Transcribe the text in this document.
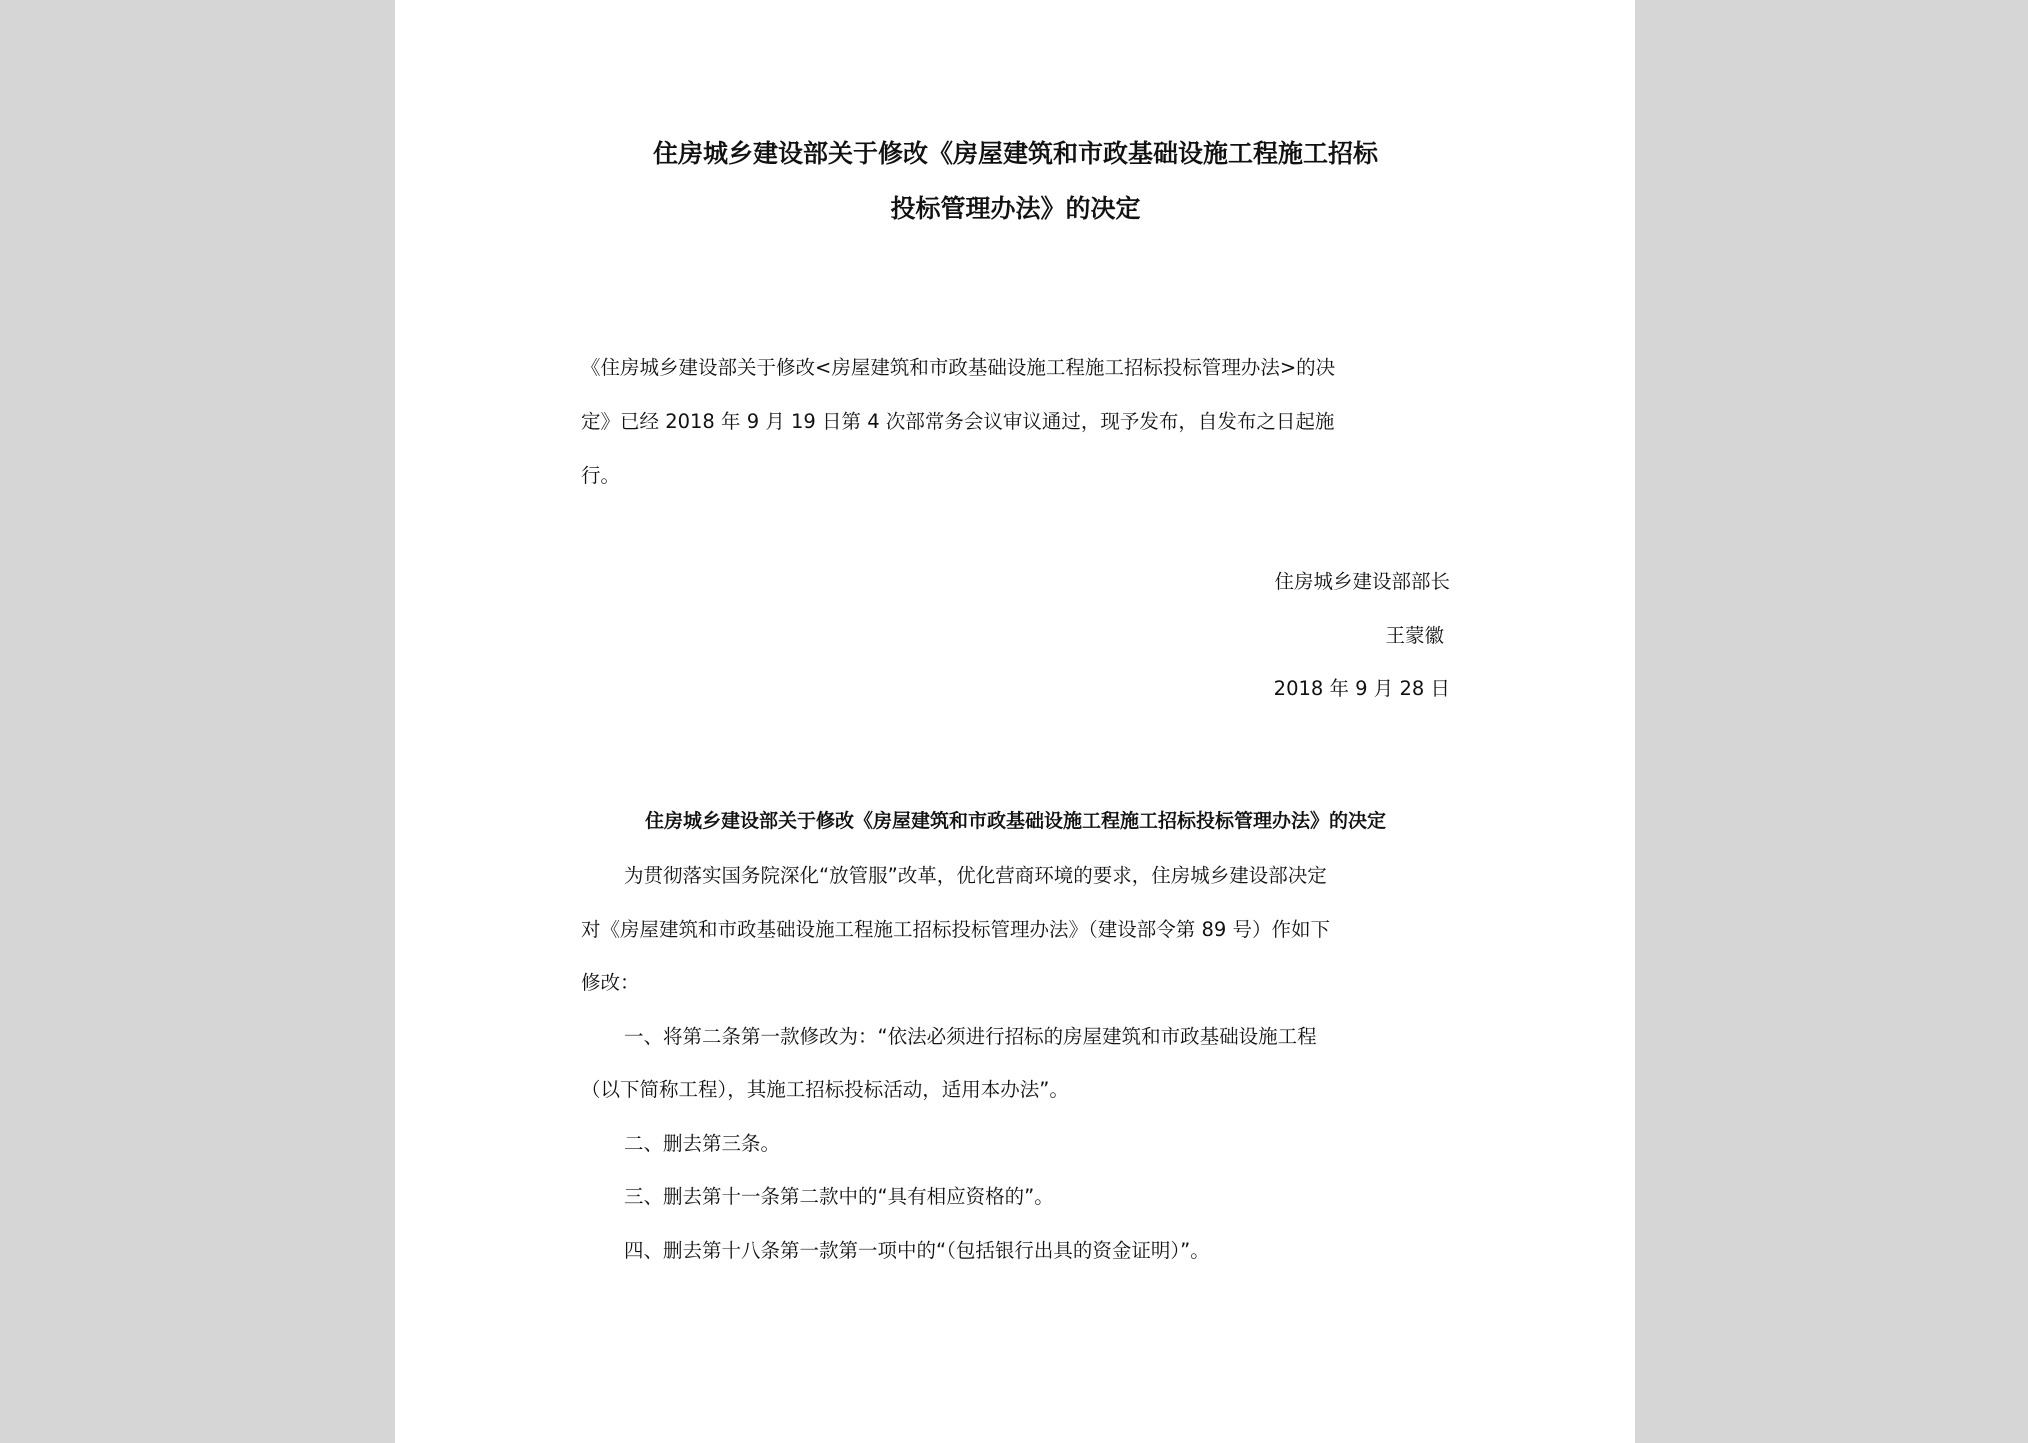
住房城乡建设部关于修改《房屋建筑和市政基础设施工程施工招标
投标管理办法》的决定
《住房城乡建设部关于修改<房屋建筑和市政基础设施工程施工招标投标管理办法>的决
定》已经 2018 年 9 月 19 日第 4 次部常务会议审议通过，现予发布，自发布之日起施
行。
住房城乡建设部部长
王蒙徽
2018 年 9 月 28 日
住房城乡建设部关于修改《房屋建筑和市政基础设施工程施工招标投标管理办法》的决定
为贯彻落实国务院深化“放管服”改革，优化营商环境的要求，住房城乡建设部决定
对《房屋建筑和市政基础设施工程施工招标投标管理办法》（建设部令第 89 号）作如下
修改：
一、将第二条第一款修改为：“依法必须进行招标的房屋建筑和市政基础设施工程
（以下简称工程），其施工招标投标活动，适用本办法”。
二、删去第三条。
三、删去第十一条第二款中的“具有相应资格的”。
四、删去第十八条第一款第一项中的“（包括银行出具的资金证明）”。
